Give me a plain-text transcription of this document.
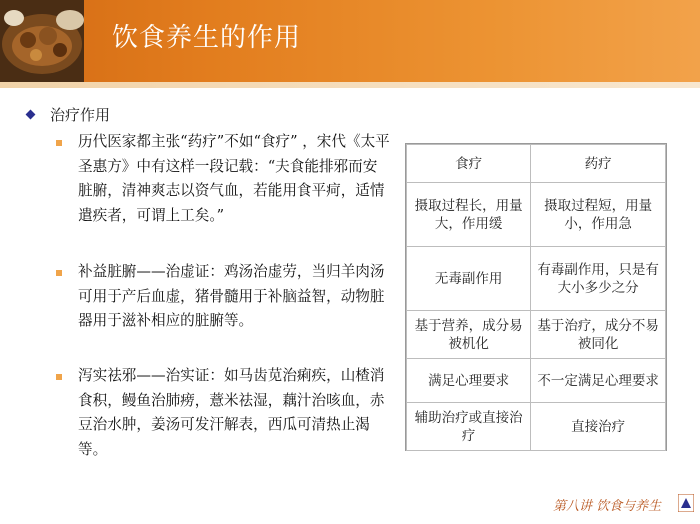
饮食养生的作用
治疗作用
历代医家都主张“药疗”不如“食疗” ，宋代《太平圣惠方》中有这样一段记载：“夫食能排邪而安脏腑，清神爽志以资气血，若能用食平疴，适情遣疾者，可谓上工矣。”
补益脏腑——治虚证：鸡汤治虚劳，当归羊肉汤可用于产后血虚，猪骨髓用于补脑益智，动物脏器用于滋补相应的脏腑等。
泻实祛邪——治实证：如马齿苋治痢疾，山楂消食积，鳗鱼治肺痨，薏米祛湿，藕汁治咳血，赤豆治水肿，姜汤可发汗解表，西瓜可清热止渴等。
食疗	药疗
摄取过程长，用量大，作用缓	摄取过程短，用量小，作用急
无毒副作用	有毒副作用，只是有大小多少之分
基于营养，成分易被机化	基于治疗，成分不易被同化
满足心理要求	不一定满足心理要求
辅助治疗或直接治疗	直接治疗
第八讲 饮食与养生
